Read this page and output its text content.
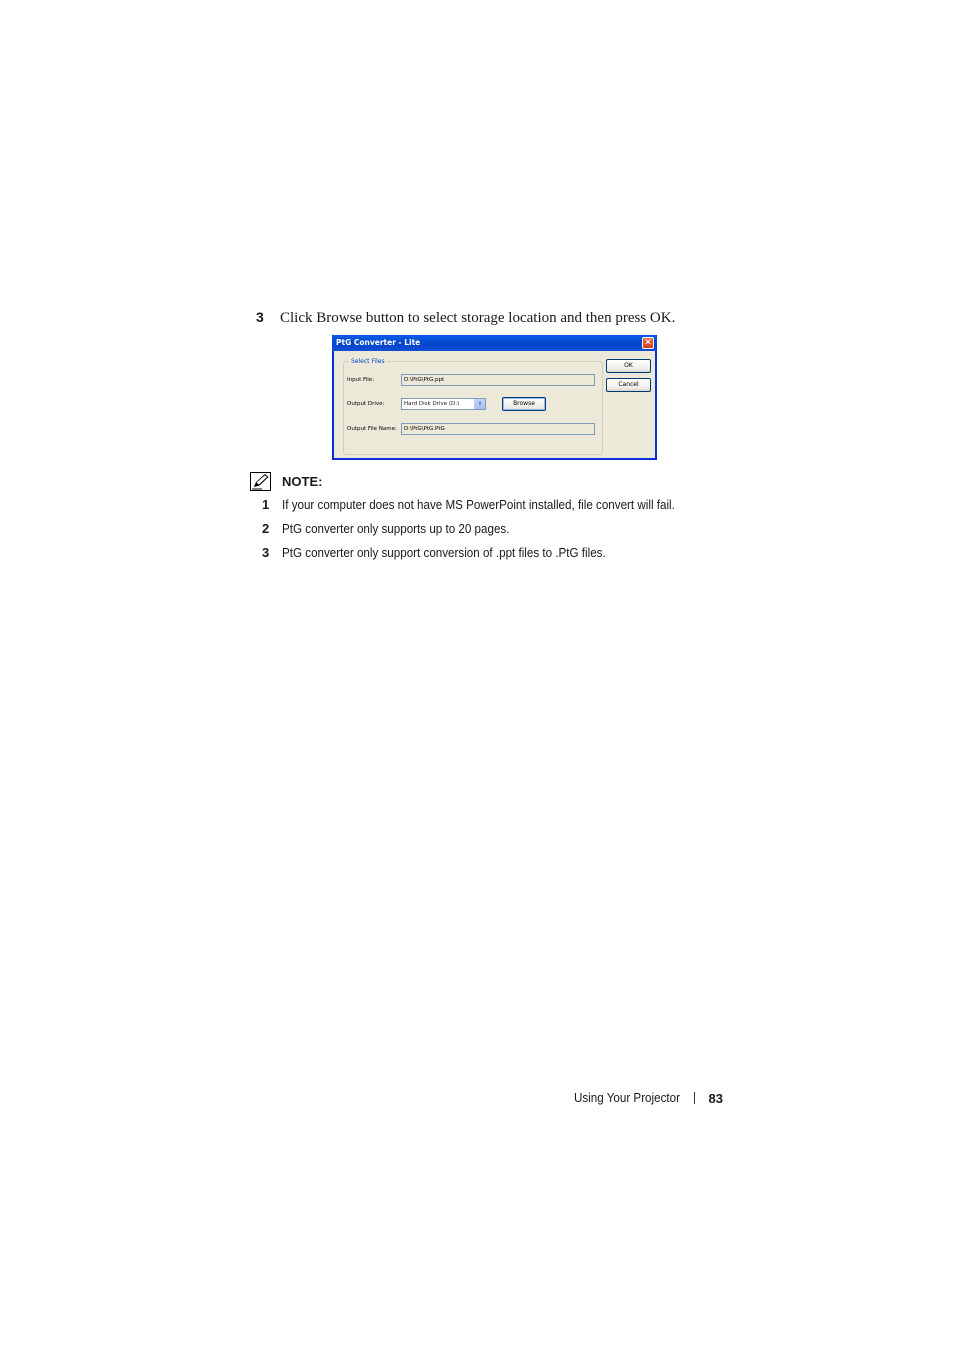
3	Click Browse button to select storage location and then press OK.
PtG Converter - Lite	✕
Select Files
Input File:	D:\PtG\PtG.ppt
Output Drive:	Hard Disk Drive (D:)	∨	Browse
Output File Name:	D:\PtG\PtG.PtG
OK
Cancel
NOTE:
1	If your computer does not have MS PowerPoint installed, file convert will fail.
2	PtG converter only supports up to 20 pages.
3	PtG converter only support conversion of .ppt files to .PtG files.
Using Your Projector 83
